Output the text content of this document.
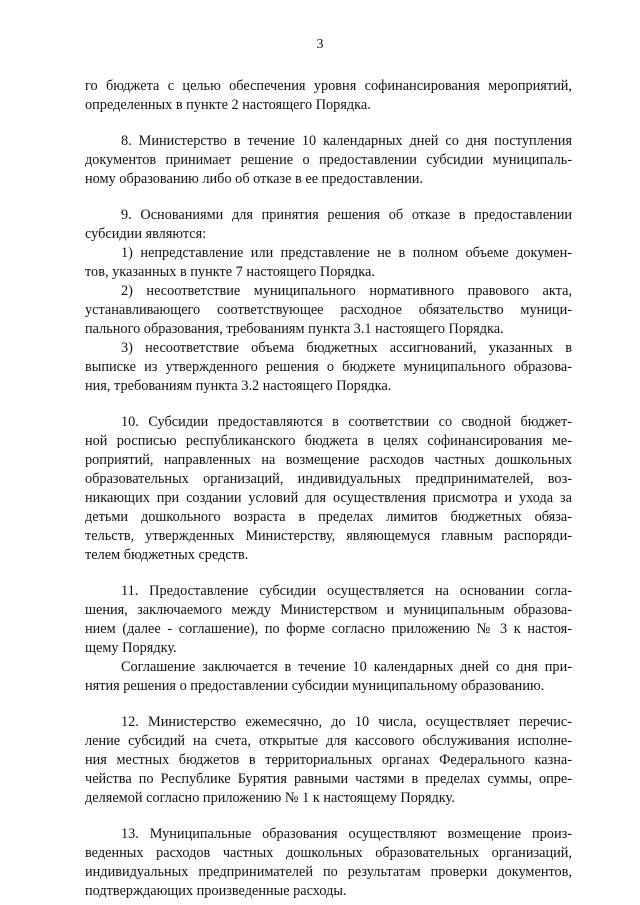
3
го бюджета с целью обеспечения уровня софинансирования мероприятий,
определенных в пункте 2 настоящего Порядка.
8. Министерство в течение 10 календарных дней со дня поступления
документов принимает решение о предоставлении субсидии муниципаль-
ному образованию либо об отказе в ее предоставлении.
9. Основаниями для принятия решения об отказе в предоставлении
субсидии являются:
1) непредставление или представление не в полном объеме докумен-
тов, указанных в пункте 7 настоящего Порядка.
2) несоответствие муниципального нормативного правового акта,
устанавливающего соответствующее расходное обязательство муници-
пального образования, требованиям пункта 3.1 настоящего Порядка.
3) несоответствие объема бюджетных ассигнований, указанных в
выписке из утвержденного решения о бюджете муниципального образова-
ния, требованиям пункта 3.2 настоящего Порядка.
10. Субсидии предоставляются в соответствии со сводной бюджет-
ной росписью республиканского бюджета в целях софинансирования ме-
роприятий, направленных на возмещение расходов частных дошкольных
образовательных организаций, индивидуальных предпринимателей, воз-
никающих при создании условий для осуществления присмотра и ухода за
детьми дошкольного возраста в пределах лимитов бюджетных обяза-
тельств, утвержденных Министерству, являющемуся главным распоряди-
телем бюджетных средств.
11. Предоставление субсидии осуществляется на основании согла-
шения, заключаемого между Министерством и муниципальным образова-
нием (далее - соглашение), по форме согласно приложению № 3 к настоя-
щему Порядку.
Соглашение заключается в течение 10 календарных дней со дня при-
нятия решения о предоставлении субсидии муниципальному образованию.
12. Министерство ежемесячно, до 10 числа, осуществляет перечис-
ление субсидий на счета, открытые для кассового обслуживания исполне-
ния местных бюджетов в территориальных органах Федерального казна-
чейства по Республике Бурятия равными частями в пределах суммы, опре-
деляемой согласно приложению № 1 к настоящему Порядку.
13. Муниципальные образования осуществляют возмещение произ-
веденных расходов частных дошкольных образовательных организаций,
индивидуальных предпринимателей по результатам проверки документов,
подтверждающих произведенные расходы.
